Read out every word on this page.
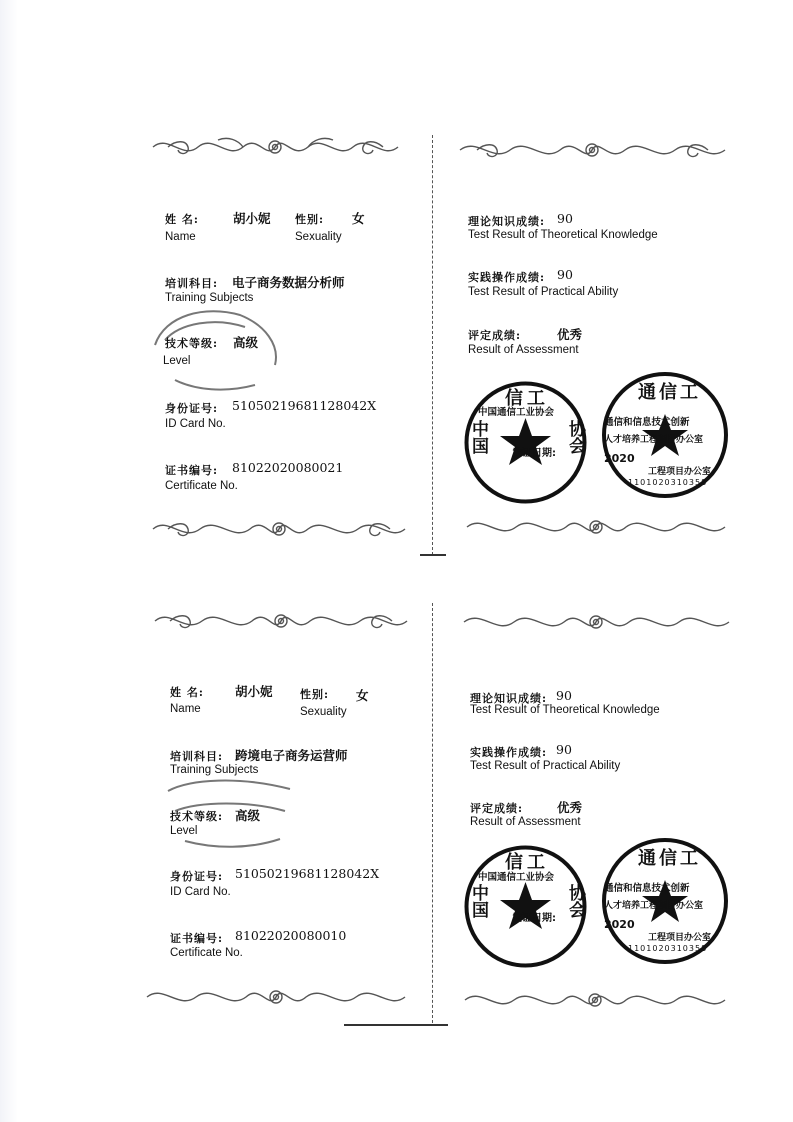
姓 名:	胡小妮
Name
性别: 女
Sexuality
培训科目: 电子商务数据分析师
Training Subjects
技术等级: 高级
Level
身份证号: 51050219681128042X
ID Card No.
证书编号: 81022020080021
Certificate No.
理论知识成绩: 90
Test Result of Theoretical Knowledge
实践操作成绩: 90
Test Result of Practical Ability
评定成绩:	优秀
Result of Assessment
信工
中国	协会
中国通信工业协会
发证日期:
通信工
通信和信息技术创新
人才培养工程项目办公室
2020
工程项目办公室
1101020310358
姓 名: 胡小妮
Name
性别: 女
Sexuality
培训科目: 跨境电子商务运营师
Training Subjects
技术等级: 高级
Level
身份证号: 51050219681128042X
ID Card No.
证书编号: 81022020080010
Certificate No.
理论知识成绩: 90
Test Result of Theoretical Knowledge
实践操作成绩: 90
Test Result of Practical Ability
评定成绩:	优秀
Result of Assessment
信工
中国	协会
中国通信工业协会
发证日期:
通信工
通信和信息技术创新
人才培养工程项目办公室
2020
工程项目办公室
1101020310358
